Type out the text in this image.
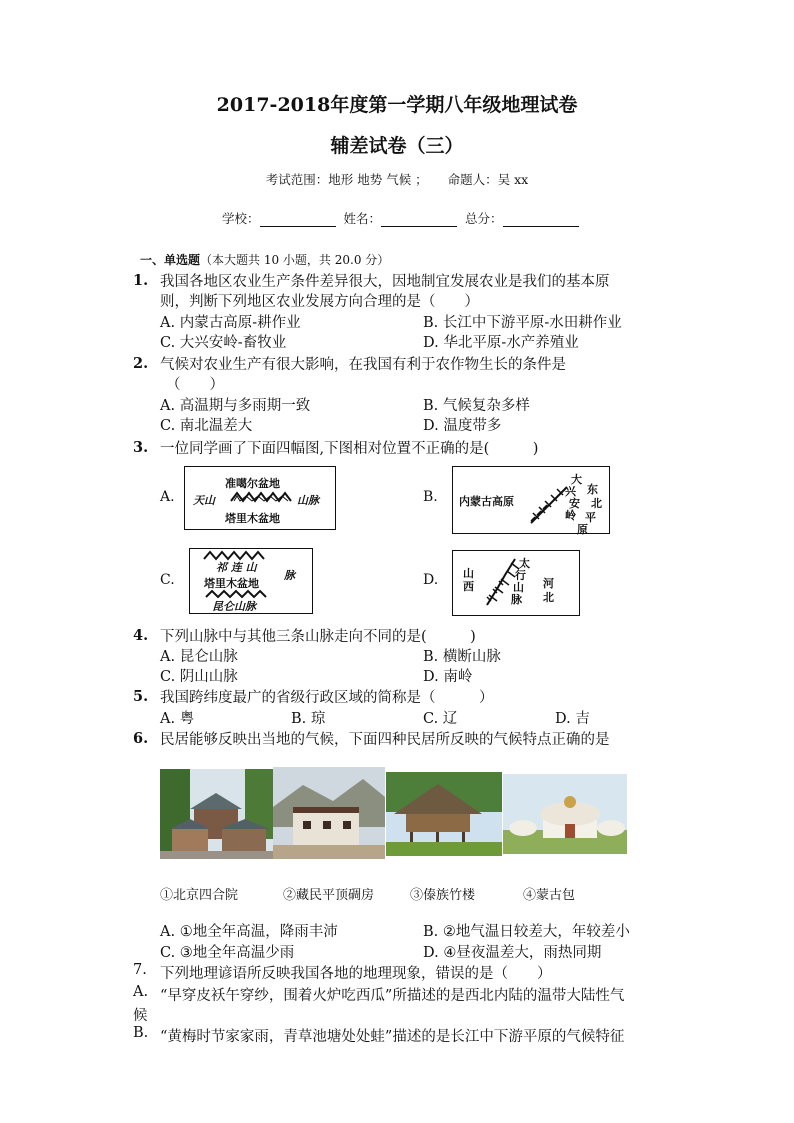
2017-2018年度第一学期八年级地理试卷
辅差试卷（三）
考试范围：地形 地势 气候 ； 命题人：吴 xx
学校：	姓名：	总分：
一、单选题（本大题共 10 小题，共 20.0 分）
1. 我国各地区农业生产条件差异很大，因地制宜发展农业是我们的基本原
则，判断下列地区农业发展方向合理的是（　　）
A. 内蒙古高原-耕作业	B. 长江中下游平原-水田耕作业
C. 大兴安岭-畜牧业	D. 华北平原-水产养殖业
2. 气候对农业生产有很大影响，在我国有利于农作物生长的条件是
（　　）
A. 高温期与多雨期一致	B. 气候复杂多样
C. 南北温差大	D. 温度带多
3. 一位同学画了下面四幅图,下图相对位置不正确的是(　　　)
A.
准噶尔盆地
天山	山脉
塔里木盆地
B. 内蒙古高原
大
兴 东
安 北
岭 平
原
C.
祁 连 山
脉
塔里木盆地
昆仑山脉
D. 山
西
太
行
山
脉
河
北
4. 下列山脉中与其他三条山脉走向不同的是(　　　)
A. 昆仑山脉	B. 横断山脉
C. 阴山山脉	D. 南岭
5. 我国跨纬度最广的省级行政区域的简称是（　　　）
A. 粤	B. 琼	C. 辽	D. 吉
6. 民居能够反映出当地的气候，下面四种民居所反映的气候特点正确的是
①北京四合院	②藏民平顶碉房	③傣族竹楼	④蒙古包
A. ①地全年高温，降雨丰沛	B. ②地气温日较差大，年较差小
C. ③地全年高温少雨	D. ④昼夜温差大，雨热同期
7. 下列地理谚语所反映我国各地的地理现象，错误的是（　　）
A. “早穿皮袄午穿纱，围着火炉吃西瓜”所描述的是西北内陆的温带大陆性气
候
B. “黄梅时节家家雨，青草池塘处处蛙”描述的是长江中下游平原的气候特征
